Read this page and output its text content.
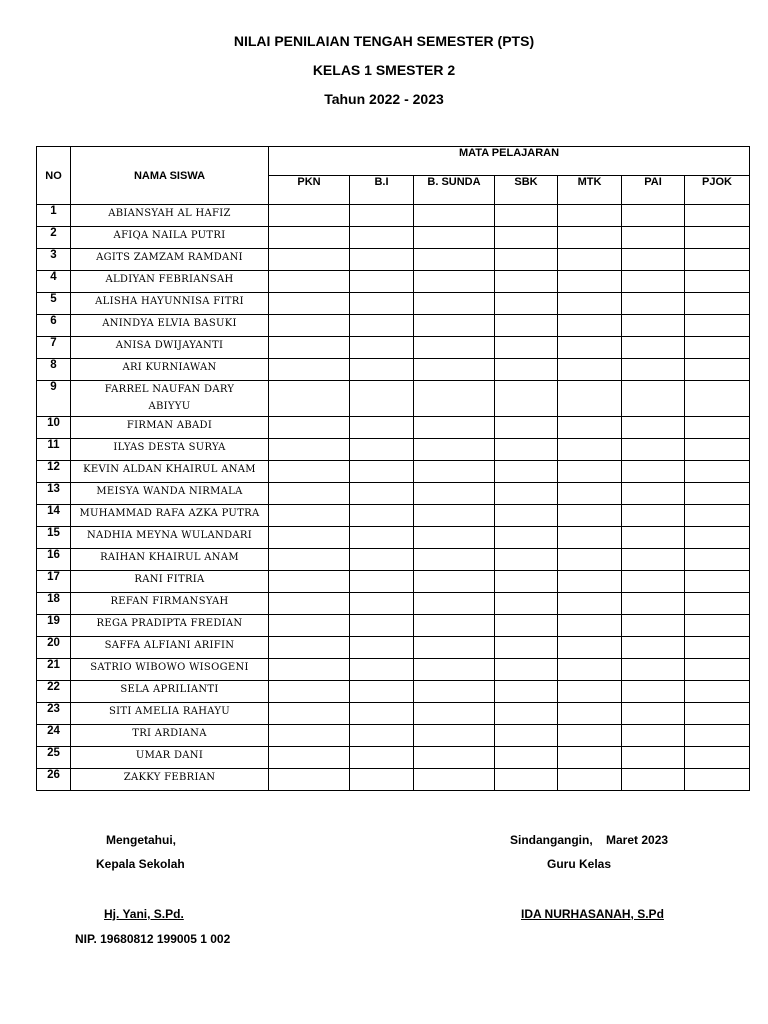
NILAI PENILAIAN TENGAH SEMESTER (PTS)
KELAS 1 SMESTER 2
Tahun 2022 - 2023
NO	NAMA SISWA	MATA PELAJARAN						
		PKN	B.I	B. SUNDA	SBK	MTK	PAI	PJOK
1	ABIANSYAH AL HAFIZ							
2	AFIQA NAILA PUTRI							
3	AGITS ZAMZAM RAMDANI							
4	ALDIYAN FEBRIANSAH							
5	ALISHA HAYUNNISA FITRI							
6	ANINDYA ELVIA BASUKI							
7	ANISA DWIJAYANTI							
8	ARI KURNIAWAN							
9	FARREL NAUFAN DARY ABIYYU							
10	FIRMAN ABADI							
11	ILYAS DESTA SURYA							
12	KEVIN ALDAN KHAIRUL ANAM							
13	MEISYA WANDA NIRMALA							
14	MUHAMMAD RAFA AZKA PUTRA							
15	NADHIA MEYNA WULANDARI							
16	RAIHAN KHAIRUL ANAM							
17	RANI FITRIA							
18	REFAN FIRMANSYAH							
19	REGA PRADIPTA FREDIAN							
20	SAFFA ALFIANI ARIFIN							
21	SATRIO WIBOWO WISOGENI							
22	SELA APRILIANTI							
23	SITI AMELIA RAHAYU							
24	TRI ARDIANA							
25	UMAR DANI							
26	ZAKKY FEBRIAN							
Mengetahui,
Kepala Sekolah
Hj. Yani, S.Pd.
NIP. 19680812 199005 1 002
Sindangangin,    Maret 2023
Guru Kelas
IDA NURHASANAH, S.Pd
